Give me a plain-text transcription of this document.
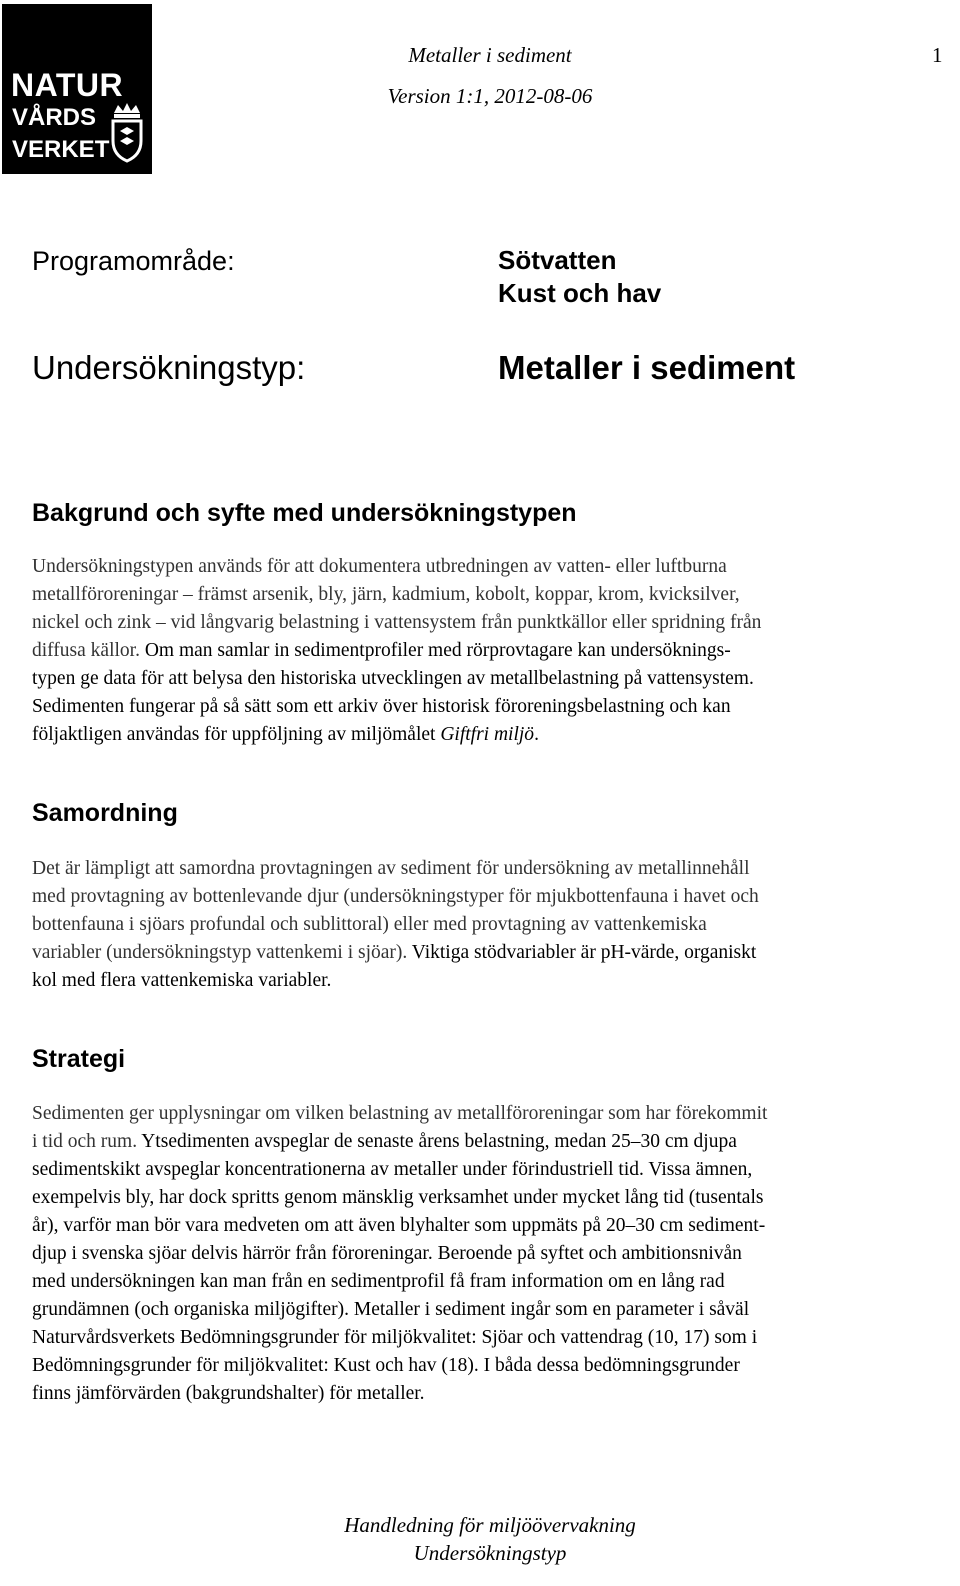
NATUR
VÅRDS
VERKET
Metaller i sediment
Version 1:1, 2012-08-06
1
Programområde:	Sötvatten
Kust och hav
Undersökningstyp:	Metaller i sediment
Bakgrund och syfte med undersökningstypen

Undersökningstypen används för att dokumentera utbredningen av vatten- eller luftburna
metallföroreningar – främst arsenik, bly, järn, kadmium, kobolt, koppar, krom, kvicksilver,
nickel och zink – vid långvarig belastning i vattensystem från punktkällor eller spridning från
diffusa källor. Om man samlar in sedimentprofiler med rörprovtagare kan undersöknings-
typen ge data för att belysa den historiska utvecklingen av metallbelastning på vattensystem.
Sedimenten fungerar på så sätt som ett arkiv över historisk föroreningsbelastning och kan
följaktligen användas för uppföljning av miljömålet Giftfri miljö.

Samordning

Det är lämpligt att samordna provtagningen av sediment för undersökning av metallinnehåll
med provtagning av bottenlevande djur (undersökningstyper för mjukbottenfauna i havet och
bottenfauna i sjöars profundal och sublittoral) eller med provtagning av vattenkemiska
variabler (undersökningstyp vattenkemi i sjöar). Viktiga stödvariabler är pH-värde, organiskt
kol med flera vattenkemiska variabler.

Strategi

Sedimenten ger upplysningar om vilken belastning av metallföroreningar som har förekommit
i tid och rum. Ytsedimenten avspeglar de senaste årens belastning, medan 25–30 cm djupa
sedimentskikt avspeglar koncentrationerna av metaller under förindustriell tid. Vissa ämnen,
exempelvis bly, har dock spritts genom mänsklig verksamhet under mycket lång tid (tusentals
år), varför man bör vara medveten om att även blyhalter som uppmäts på 20–30 cm sediment-
djup i svenska sjöar delvis härrör från föroreningar. Beroende på syftet och ambitionsnivån
med undersökningen kan man från en sedimentprofil få fram information om en lång rad
grundämnen (och organiska miljögifter). Metaller i sediment ingår som en parameter i såväl
Naturvårdsverkets Bedömningsgrunder för miljökvalitet: Sjöar och vattendrag (10, 17) som i
Bedömningsgrunder för miljökvalitet: Kust och hav (18). I båda dessa bedömningsgrunder
finns jämförvärden (bakgrundshalter) för metaller.

Handledning för miljöövervakning
Undersökningstyp
